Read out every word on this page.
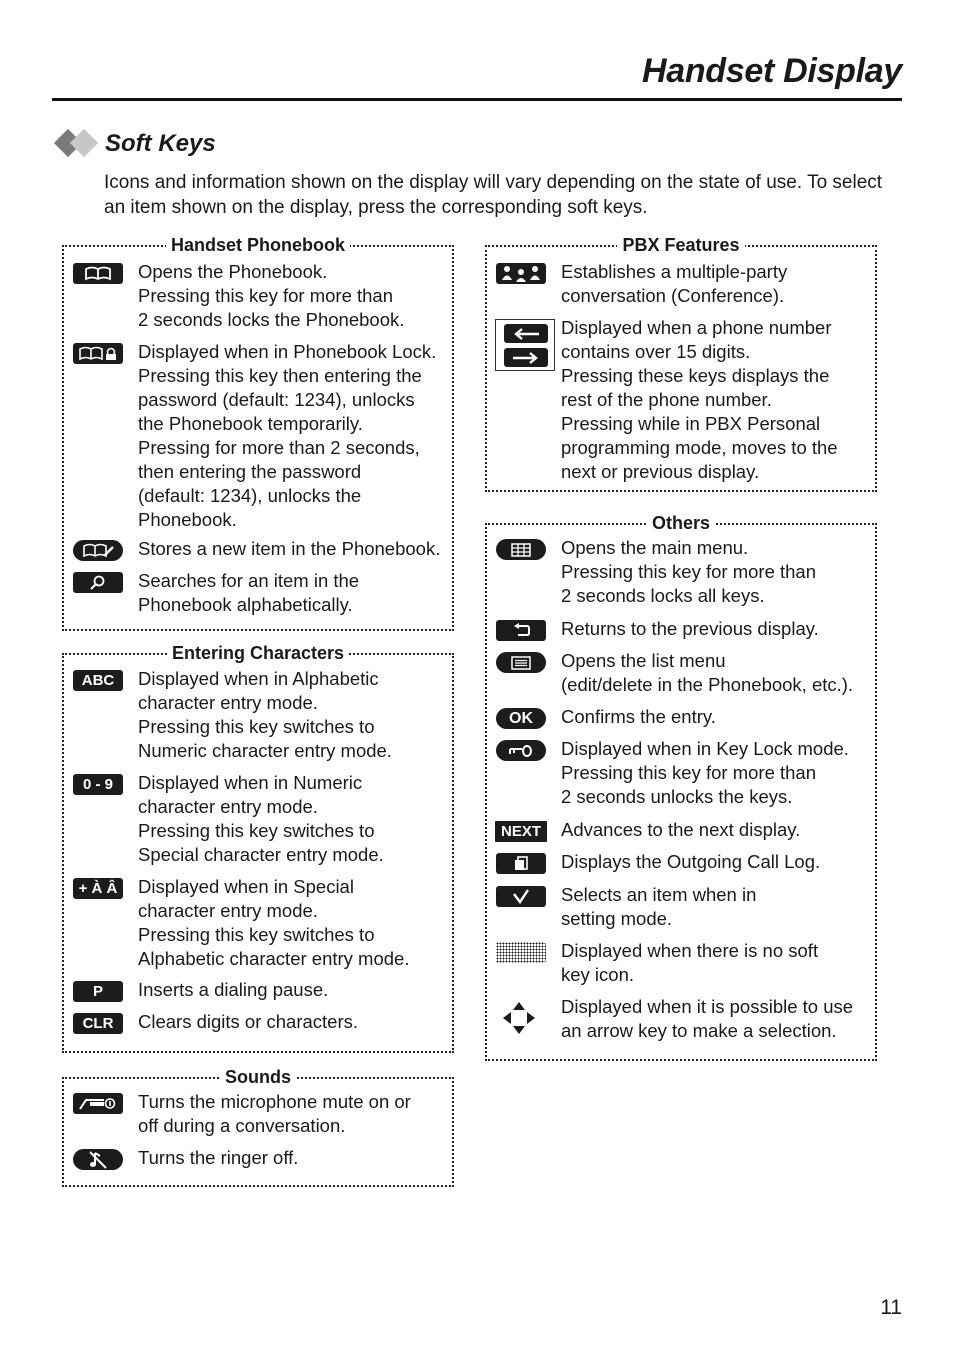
Handset Display
Soft Keys
Icons and information shown on the display will vary depending on the state of use. To select an item shown on the display, press the corresponding soft keys.
Handset Phonebook
Opens the Phonebook.
Pressing this key for more than
2 seconds locks the Phonebook.
Displayed when in Phonebook Lock.
Pressing this key then entering the
password (default: 1234), unlocks
the Phonebook temporarily.
Pressing for more than 2 seconds,
then entering the password
(default: 1234), unlocks the
Phonebook.
Stores a new item in the Phonebook.
Searches for an item in the
Phonebook alphabetically.
Entering Characters
ABC	Displayed when in Alphabetic
character entry mode.
Pressing this key switches to
Numeric character entry mode.
0 - 9	Displayed when in Numeric
character entry mode.
Pressing this key switches to
Special character entry mode.
+ À Â	Displayed when in Special
character entry mode.
Pressing this key switches to
Alphabetic character entry mode.
P	Inserts a dialing pause.
CLR	Clears digits or characters.
Sounds
Turns the microphone mute on or
off during a conversation.
Turns the ringer off.
PBX Features
Establishes a multiple-party
conversation (Conference).
Displayed when a phone number
contains over 15 digits.
Pressing these keys displays the
rest of the phone number.
Pressing while in PBX Personal
programming mode, moves to the
next or previous display.
Others
Opens the main menu.
Pressing this key for more than
2 seconds locks all keys.
Returns to the previous display.
Opens the list menu
(edit/delete in the Phonebook, etc.).
OK	Confirms the entry.
Displayed when in Key Lock mode.
Pressing this key for more than
2 seconds unlocks the keys.
NEXT	Advances to the next display.
Displays the Outgoing Call Log.
Selects an item when in
setting mode.
Displayed when there is no soft
key icon.
Displayed when it is possible to use
an arrow key to make a selection.
11
